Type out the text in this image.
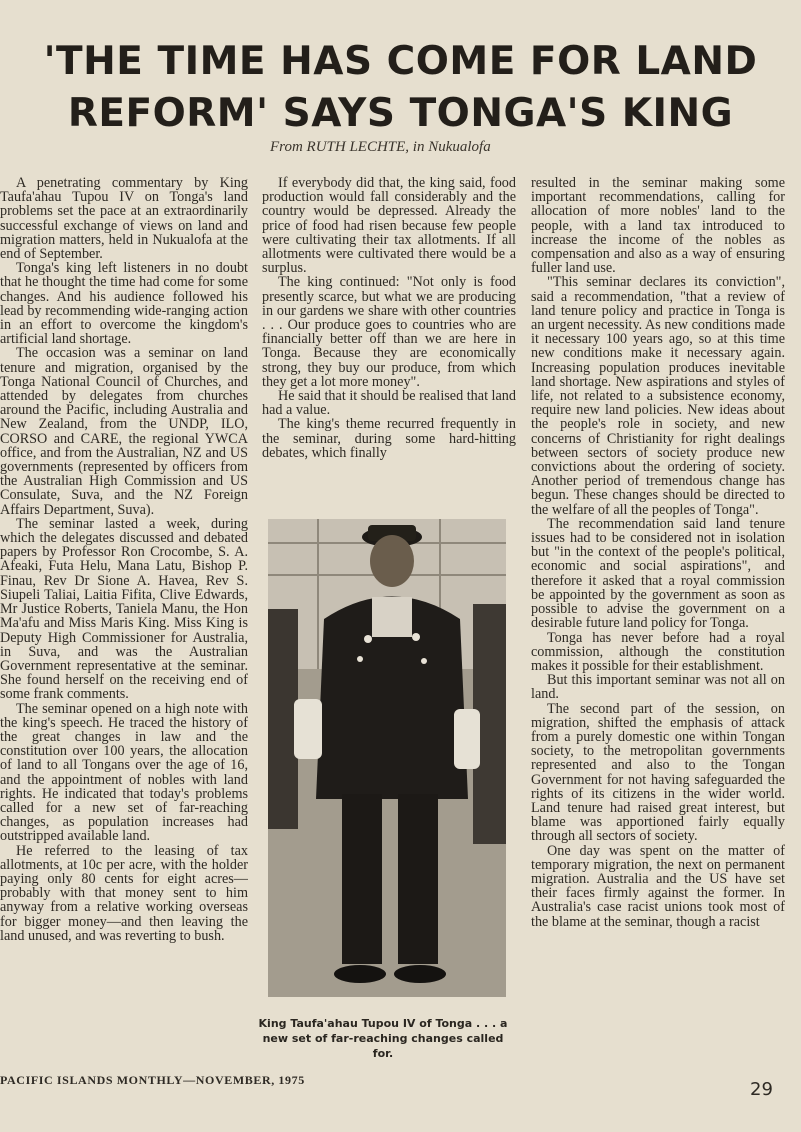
'THE TIME HAS COME FOR LAND
REFORM' SAYS TONGA'S KING
From RUTH LECHTE, in Nukualofa

A penetrating commentary by King Taufa'ahau Tupou IV on Tonga's land problems set the pace at an extraordinarily successful exchange of views on land and migration matters, held in Nukualofa at the end of September.

Tonga's king left listeners in no doubt that he thought the time had come for some changes. And his audience followed his lead by recommending wide-ranging action in an effort to overcome the kingdom's artificial land shortage.

The occasion was a seminar on land tenure and migration, organised by the Tonga National Council of Churches, and attended by delegates from churches around the Pacific, including Australia and New Zealand, from the UNDP, ILO, CORSO and CARE, the regional YWCA office, and from the Australian, NZ and US governments (represented by officers from the Australian High Commission and US Consulate, Suva, and the NZ Foreign Affairs Department, Suva).

The seminar lasted a week, during which the delegates discussed and debated papers by Professor Ron Crocombe, S. A. Afeaki, Futa Helu, Mana Latu, Bishop P. Finau, Rev Dr Sione A. Havea, Rev S. Siupeli Taliai, Laitia Fifita, Clive Edwards, Mr Justice Roberts, Taniela Manu, the Hon Ma'afu and Miss Maris King. Miss King is Deputy High Commissioner for Australia, in Suva, and was the Australian Government representative at the seminar. She found herself on the receiving end of some frank comments.

The seminar opened on a high note with the king's speech. He traced the history of the great changes in law and the constitution over 100 years, the allocation of land to all Tongans over the age of 16, and the appointment of nobles with land rights. He indicated that today's problems called for a new set of far-reaching changes, as population increases had outstripped available land.

He referred to the leasing of tax allotments, at 10c per acre, with the holder paying only 80 cents for eight acres—probably with that money sent to him anyway from a relative working overseas for bigger money—and then leaving the land unused, and was reverting to bush.

If everybody did that, the king said, food production would fall considerably and the country would be depressed. Already the price of food had risen because few people were cultivating their tax allotments. If all allotments were cultivated there would be a surplus.

The king continued: "Not only is food presently scarce, but what we are producing in our gardens we share with other countries . . . Our produce goes to countries who are financially better off than we are here in Tonga. Because they are economically strong, they buy our produce, from which they get a lot more money".

He said that it should be realised that land had a value.

The king's theme recurred frequently in the seminar, during some hard-hitting debates, which finally

King Taufa'ahau Tupou IV of Tonga . . . a new set of far-reaching changes called for.

resulted in the seminar making some important recommendations, calling for allocation of more nobles' land to the people, with a land tax introduced to increase the income of the nobles as compensation and also as a way of ensuring fuller land use.

"This seminar declares its conviction", said a recommendation, "that a review of land tenure policy and practice in Tonga is an urgent necessity. As new conditions made it necessary 100 years ago, so at this time new conditions make it necessary again. Increasing population produces inevitable land shortage. New aspirations and styles of life, not related to a subsistence economy, require new land policies. New ideas about the people's role in society, and new concerns of Christianity for right dealings between sectors of society produce new convictions about the ordering of society. Another period of tremendous change has begun. These changes should be directed to the welfare of all the peoples of Tonga".

The recommendation said land tenure issues had to be considered not in isolation but "in the context of the people's political, economic and social aspirations", and therefore it asked that a royal commission be appointed by the government as soon as possible to advise the government on a desirable future land policy for Tonga.

Tonga has never before had a royal commission, although the constitution makes it possible for their establishment.

But this important seminar was not all on land.

The second part of the session, on migration, shifted the emphasis of attack from a purely domestic one within Tongan society, to the metropolitan governments represented and also to the Tongan Government for not having safeguarded the rights of its citizens in the wider world. Land tenure had raised great interest, but blame was apportioned fairly equally through all sectors of society.

One day was spent on the matter of temporary migration, the next on permanent migration. Australia and the US have set their faces firmly against the former. In Australia's case racist unions took most of the blame at the seminar, though a racist

PACIFIC ISLANDS MONTHLY—NOVEMBER, 1975	29
